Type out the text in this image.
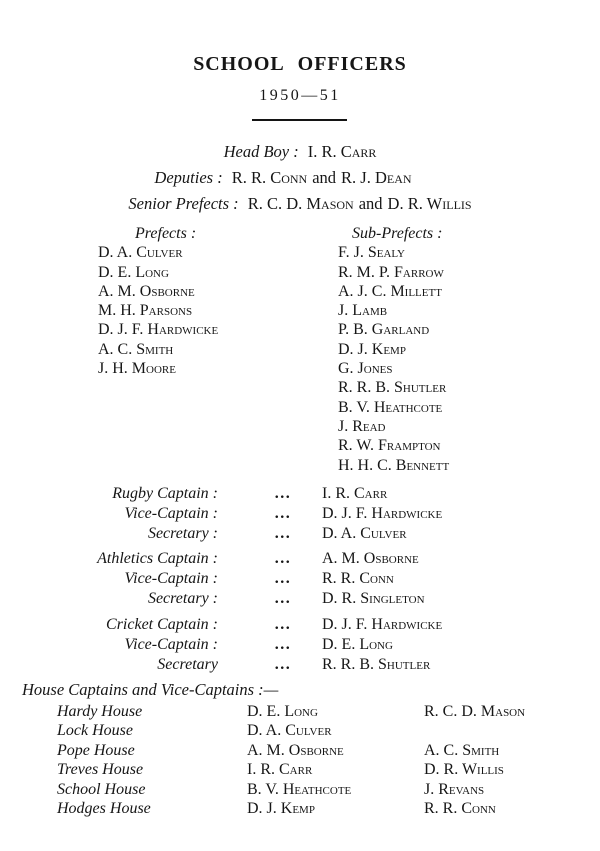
SCHOOL OFFICERS
1950—51
Head Boy : I. R. Carr
Deputies : R. R. Conn and R. J. Dean
Senior Prefects : R. C. D. Mason and D. R. Willis
Prefects :
D. A. Culver
D. E. Long
A. M. Osborne
M. H. Parsons
D. J. F. Hardwicke
A. C. Smith
J. H. Moore
Sub-Prefects :
F. J. Sealy
R. M. P. Farrow
A. J. C. Millett
J. Lamb
P. B. Garland
D. J. Kemp
G. Jones
R. R. B. Shutler
B. V. Heathcote
J. Read
R. W. Frampton
H. H. C. Bennett
Rugby Captain :	...	I. R. Carr
Vice-Captain :	...	D. J. F. Hardwicke
Secretary :	...	D. A. Culver
Athletics Captain :	...	A. M. Osborne
Vice-Captain :	...	R. R. Conn
Secretary :	...	D. R. Singleton
Cricket Captain :	...	D. J. F. Hardwicke
Vice-Captain :	...	D. E. Long
Secretary	...	R. R. B. Shutler
House Captains and Vice-Captains :—
Hardy House	D. E. Long	R. C. D. Mason
Lock House	D. A. Culver
Pope House	A. M. Osborne	A. C. Smith
Treves House	I. R. Carr	D. R. Willis
School House	B. V. Heathcote	J. Revans
Hodges House	D. J. Kemp	R. R. Conn
